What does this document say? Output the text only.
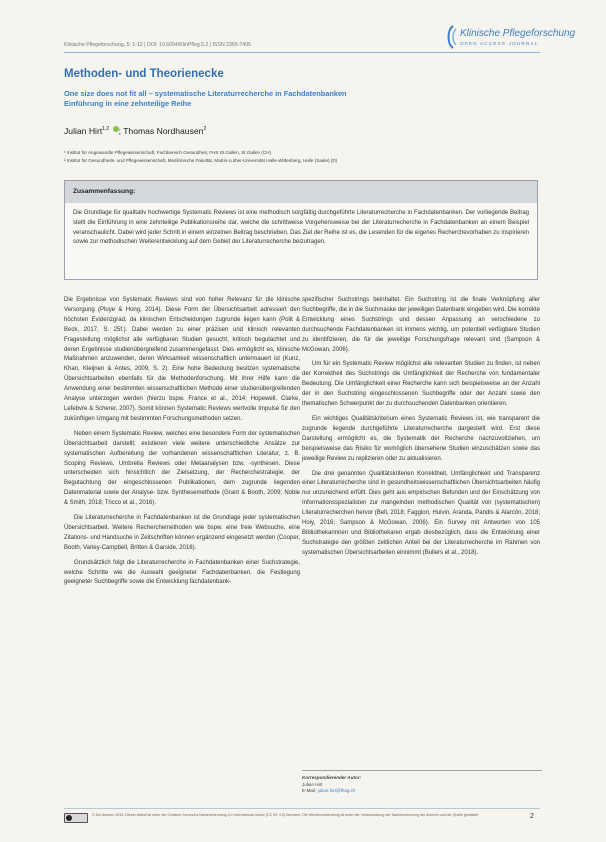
Klinische Pflegeforschung, 5: 1-12 | DOI: 10.6094/KlinPfleg.5.2 | ISSN 2365-7405
Klinische Pflegeforschung
OPEN ACCESS JOURNAL
Methoden- und Theorienecke
One size does not fit all – systematische Literaturrecherche in Fachdatenbanken
Einführung in eine zehnteilige Reihe
Julian Hirt$^{1,2}$ ; Thomas Nordhausen$^2$

¹ Institut für Angewandte Pflegewissenschaft, Fachbereich Gesundheit, FHS St.Gallen, St.Gallen (CH)

² Institut für Gesundheits- und Pflegewissenschaft, Medizinische Fakultät, Martin-Luther-Universität Halle-Wittenberg, Halle (Saale) (D)

Zusammenfassung:
Die Grundlage für qualitativ hochwertige Systematic Reviews ist eine methodisch sorgfältig durchgeführte Literaturrecherche in Fachdatenbanken. Der vorliegende Beitrag stellt die Einführung in eine zehnteilige Publikationsreihe dar, welche die schrittweise Vorgehensweise bei der Literaturrecherche in Fachdatenbanken an einem Beispiel veranschaulicht. Dabei wird jeder Schritt in einem einzelnen Beitrag beschrieben. Das Ziel der Reihe ist es, die Lesenden für die eigenes Recherchevorhaben zu inspirieren sowie zur methodischen Weiterentwicklung auf dem Gebiet der Literaturrecherche beizutragen.

Die Ergebnisse von Systematic Reviews sind von hoher Relevanz für die klinische Versorgung (Pluye & Hong, 2014). Diese Form der Übersichtsarbeit adressiert den höchsten Evidenzgrad, da klinischen Entscheidungen zugrunde liegen kann (Polit & Beck, 2017, S. 25f.). Dabei werden zu einer präzisen und klinisch relevanten Fragestellung möglichst alle verfügbaren Studien gesucht, kritisch begutachtet und deren Ergebnisse studienübergreifend zusammengefasst. Dies ermöglicht es, klinische Maßnahmen anzuwenden, deren Wirksamkeit wissenschaftlich untermauert ist (Kunz, Khan, Kleijnen & Antes, 2009, S. 2). Eine hohe Bedeutung besitzen systematische Übersichtsarbeiten ebenfalls für die Methodenforschung. Mit ihrer Hilfe kann die Anwendung einer bestimmten wissenschaftlichen Methode einer studienübergreifenden Analyse unterzogen werden (hierzu bspw. France et al., 2014; Hopewell, Clarke, Lefebvre & Scherer, 2007). Somit können Systematic Reviews wertvolle Impulse für den zukünftigen Umgang mit bestimmten Forschungsmethoden setzen.

Neben einem Systematic Review, welches eine besondere Form der systematischen Übersichtsarbeit darstellt, existieren viele weitere unterschiedliche Ansätze zur systematischen Aufbereitung der vorhandenen wissenschaftlichen Literatur, z. B. Scoping Reviews, Umbrella Reviews oder Metaanalysen bzw. -synthesen. Diese unterscheiden sich hinsichtlich der Zielsetzung, der Recherchestrategie, der Begutachtung der eingeschlossenen Publikationen, dem zugrunde liegenden Datenmaterial sowie der Analyse- bzw. Synthesemethode (Grant & Booth, 2009; Noble & Smith, 2018; Tricco et al., 2016).

Die Literaturrecherche in Fachdatenbanken ist die Grundlage jeder systematischen Übersichtsarbeit. Weitere Recherchemethoden wie bspw. eine freie Websuche, eine Zitations- und Handsuche in Zeitschriften können ergänzend eingesetzt werden (Cooper, Booth, Varley-Campbell, Britten & Garside, 2018).

Grundsätzlich folgt die Literaturrecherche in Fachdatenbanken einer Suchstrategie, welche Schritte wie die Auswahl geeigneter Fachdatenbanken, die Festlegung geeigneter Suchbegriffe sowie die Entwicklung fachdatenbank-

spezifischer Suchstrings beinhaltet. Ein Suchstring ist die finale Verknüpfung aller Suchbegriffe, die in die Suchmaske der jeweiligen Datenbank eingeben wird. Die korrekte Entwicklung eines Suchstrings und dessen Anpassung an verschiedene zu durchsuchende Fachdatenbanken ist immens wichtig, um potentiell verfügbare Studien zu identifizieren, die für die jeweilige Forschungsfrage relevant sind (Sampson & McGowan, 2006).

Um für ein Systematic Review möglichst alle relevanten Studien zu finden, ist neben der Korrektheit des Suchstrings die Umfänglichkeit der Recherche von fundamentaler Bedeutung. Die Umfänglichkeit einer Recherche kann sich beispielsweise an der Anzahl der in den Suchstring eingeschlossenen Suchbegriffe oder der Anzahl sowie den thematischen Schwerpunkt der zu durchsuchenden Datenbanken orientieren.

Ein wichtiges Qualitätskriterium eines Systematic Reviews ist, wie transparent die zugrunde liegende durchgeführte Literaturrecherche dargestellt wird. Erst diese Darstellung ermöglicht es, die Systematik der Recherche nachzuvollziehen, um beispielsweise das Risiko für womöglich übersehene Studien einzuschätzen sowie das jeweilige Review zu replizieren oder zu aktualisieren.

Die drei genannten Qualitätskriterien Korrektheit, Umfänglichkeit und Transparenz einer Literaturrecherche sind in gesundheitswissenschaftlichen Übersichtsarbeiten häufig nur unzureichend erfüllt. Dies geht aus empirischen Befunden und der Einschätzung von Informationsspezialisten zur mangelnden methodischen Qualität von (systematischen) Literaturrecherchen hervor (Bell, 2018; Faggion, Huivin, Aranda, Pandis & Alarcón, 2018; Hoiy, 2016; Sampson & McGowan, 2006). Ein Survey mit Antworten von 105 Bibliothekarinnen und Bibliothekaren ergab diesbezüglich, dass die Entwicklung einer Suchstrategie den größten zeitlichen Anteil bei der Literaturrecherche im Rahmen von systematischen Übersichtsarbeiten einnimmt (Bullers et al., 2018).

Korrespondierender Autor:
Julian Hirt
E-Mail: julian.hirt@fhsg.ch
© Die Autoren 2019. Dieser Artikel ist unter der Creative Commons Namensnennung 4.0 International Lizenz (CC BY 4.0) lizenziert. Die Wiederverwendung ist unter der Voraussetzung der Namensnennung der Autoren und der Quelle gestattet.	2
